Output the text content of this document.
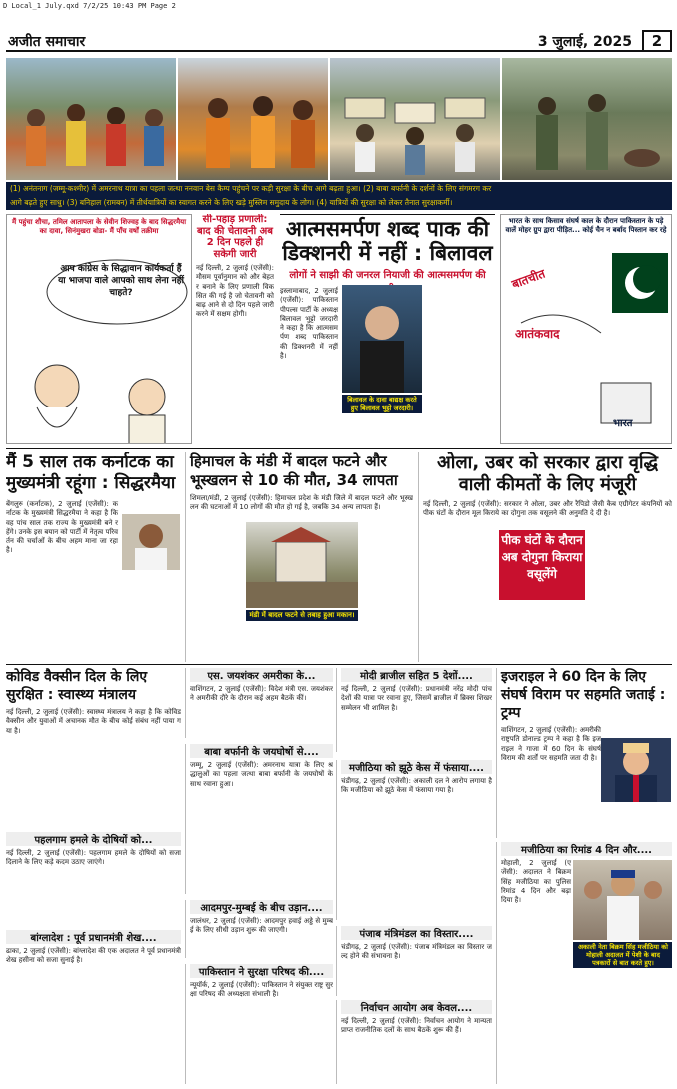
D Local_1 July.qxd 7/2/25 10:43 PM Page 2
अजीत समाचार	3 जुलाई, 2025	2
(1) अनंतनाग (जम्मू-कश्मीर) में अमरनाथ यात्रा का पहला जत्था ननवान बेस कैम्प पहुंचने पर कड़ी सुरक्षा के बीच आगे बढ़ता हुआ। (2) बाबा बर्फानी के दर्शनों के लिए संगमरग कर
आगे बढ़ते हुए साधु। (3) बनिहाल (रामबन) में तीर्थयात्रियों का स्वागत करने के लिए खड़े मुस्लिम समुदाय के लोग। (4) यात्रियों की सुरक्षा को लेकर तैनात सुरक्षाकर्मी।
मैं पहुंचा शौचा, तमिल आतापला के सेवीन शिज्वह के बाद सिद्धरमैया का दावा, सिनंमुखरा बोडा- मैं पाँच वर्षों तक्रीमा
आप कांग्रेस के सिद्धावान कार्यकर्ता हैं या भाजपा वाले आपको साथ लेना नहीं चाहते?
सी-पहाड़ प्रणाली: बाद की चेतावनी अब 2 दिन पहले ही सकेगी जारी
नई दिल्ली, 2 जुलाई (एजेंसी): मौसम पूर्वानुमान को और बेहतर बनाने के लिए प्रणाली विकसित की गई है जो चेतावनी को बाढ़ आने से दो दिन पहले जारी करने में सक्षम होगी।
आत्मसमर्पण शब्द पाक की डिक्शनरी में नहीं : बिलावल
लोगों ने साझी की जनरल नियाजी की आत्मसमर्पण की
इस्लामाबाद, 2 जुलाई (एजेंसी): पाकिस्तान पीपल्स पार्टी के अध्यक्ष बिलावल भुट्टो जरदारी ने कहा है कि आत्मसमर्पण शब्द पाकिस्तान की डिक्शनरी में नहीं है।
बिलावल के दावा बाद्यक्ष करते हुए बिलावल भुट्टो जरदारी।
भारत के साथ किसाव संघर्ष काल के दौरान पाकिस्तान के पड़े वालें मोहर ग्रुप द्वारा पीड़ित... कोई चैन न बर्बाद पिस्तान कर रहे
बातचीत
आतंकवाद
भारत
मैं 5 साल तक कर्नाटक का मुख्यमंत्री रहूंगा : सिद्धरमैया
बेंगलुरु (कर्नाटक), 2 जुलाई (एजेंसी): कर्नाटक के मुख्यमंत्री सिद्धरमैया ने कहा है कि वह पांच साल तक राज्य के मुख्यमंत्री बने रहेंगे। उनके इस बयान को पार्टी में नेतृत्व परिवर्तन की चर्चाओं के बीच अहम माना जा रहा है।
हिमाचल के मंडी में बादल फटने और भूस्खलन से 10 की मौत, 34 लापता
शिमला/मंडी, 2 जुलाई (एजेंसी): हिमाचल प्रदेश के मंडी जिले में बादल फटने और भूस्खलन की घटनाओं में 10 लोगों की मौत हो गई है, जबकि 34 अन्य लापता हैं।
मंडी में बादल फटने से तबाह हुआ मकान।
ओला, उबर को सरकार द्वारा वृद्धि वाली कीमतों के लिए मंजूरी
नई दिल्ली, 2 जुलाई (एजेंसी): सरकार ने ओला, उबर और रैपिडो जैसी कैब एग्रीगेटर कंपनियों को पीक घंटों के दौरान मूल किराये का दोगुना तक वसूलने की अनुमति दे दी है।
पीक घंटों के दौरान अब दोगुना किराया वसूलेंगे
कोविड वैक्सीन दिल के लिए सुरक्षित : स्वास्थ्य मंत्रालय
नई दिल्ली, 2 जुलाई (एजेंसी): स्वास्थ्य मंत्रालय ने कहा है कि कोविड वैक्सीन और युवाओं में अचानक मौत के बीच कोई संबंध नहीं पाया गया है।
पहलगाम हमले के दोषियों को...
नई दिल्ली, 2 जुलाई (एजेंसी): पहलगाम हमले के दोषियों को सजा दिलाने के लिए कड़े कदम उठाए जाएंगे।
बांग्लादेश : पूर्व प्रधानमंत्री शेख....
ढाका, 2 जुलाई (एजेंसी): बांग्लादेश की एक अदालत ने पूर्व प्रधानमंत्री शेख हसीना को सजा सुनाई है।
एस. जयशंकर अमरीका के...
वाशिंगटन, 2 जुलाई (एजेंसी): विदेश मंत्री एस. जयशंकर ने अमरीकी दौरे के दौरान कई अहम बैठकें कीं।
बाबा बर्फानी के जयघोषों से....
जम्मू, 2 जुलाई (एजेंसी): अमरनाथ यात्रा के लिए श्रद्धालुओं का पहला जत्था बाबा बर्फानी के जयघोषों के साथ रवाना हुआ।
आदमपुर-मुम्बई के बीच उड़ान....
जालंधर, 2 जुलाई (एजेंसी): आदमपुर हवाई अड्डे से मुम्बई के लिए सीधी उड़ान शुरू की जाएगी।
पाकिस्तान ने सुरक्षा परिषद की....
न्यूयॉर्क, 2 जुलाई (एजेंसी): पाकिस्तान ने संयुक्त राष्ट्र सुरक्षा परिषद की अध्यक्षता संभाली है।
मोदी ब्राजील सहित 5 देशों....
नई दिल्ली, 2 जुलाई (एजेंसी): प्रधानमंत्री नरेंद्र मोदी पांच देशों की यात्रा पर रवाना हुए, जिसमें ब्राजील में ब्रिक्स शिखर सम्मेलन भी शामिल है।
मजीठिया को झूठे केस में फंसाया....
चंडीगढ़, 2 जुलाई (एजेंसी): अकाली दल ने आरोप लगाया है कि मजीठिया को झूठे केस में फंसाया गया है।
पंजाब मंत्रिमंडल का विस्तार....
चंडीगढ़, 2 जुलाई (एजेंसी): पंजाब मंत्रिमंडल का विस्तार जल्द होने की संभावना है।
निर्वाचन आयोग अब केवल....
नई दिल्ली, 2 जुलाई (एजेंसी): निर्वाचन आयोग ने मान्यता प्राप्त राजनीतिक दलों के साथ बैठकें शुरू की हैं।
इजराइल ने 60 दिन के लिए संघर्ष विराम पर सहमति जताई : ट्रम्प
वाशिंगटन, 2 जुलाई (एजेंसी): अमरीकी राष्ट्रपति डोनाल्ड ट्रम्प ने कहा है कि इजराइल ने गाजा में 60 दिन के संघर्ष विराम की शर्तों पर सहमति जता दी है।
मजीठिया का रिमांड 4 दिन और....
मोहाली, 2 जुलाई (एजेंसी): अदालत ने बिक्रम सिंह मजीठिया का पुलिस रिमांड 4 दिन और बढ़ा दिया है।
अकाली नेता बिक्रम सिंह मजीठिया को मोहाली अदालत में पेशी के बाद पत्रकारों से बात करते हुए।
